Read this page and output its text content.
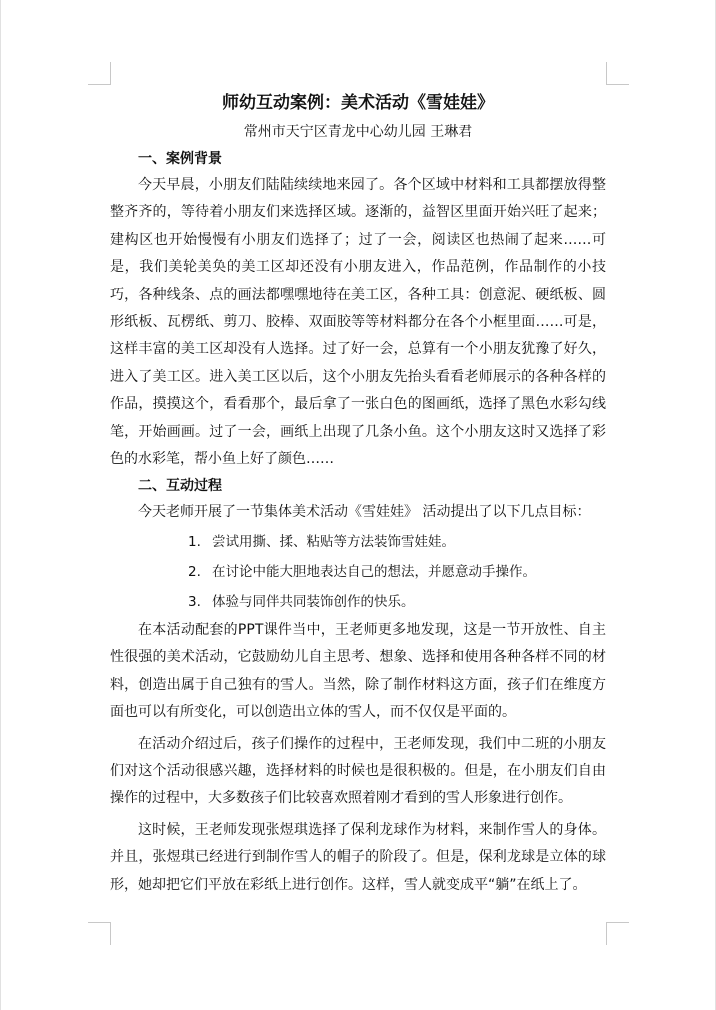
师幼互动案例：美术活动《雪娃娃》

常州市天宁区青龙中心幼儿园 王琳君

一、案例背景

今天早晨，小朋友们陆陆续续地来园了。各个区域中材料和工具都摆放得整整齐齐的，等待着小朋友们来选择区域。逐渐的，益智区里面开始兴旺了起来；建构区也开始慢慢有小朋友们选择了；过了一会，阅读区也热闹了起来……可是，我们美轮美奂的美工区却还没有小朋友进入，作品范例，作品制作的小技巧，各种线条、点的画法都嘿嘿地待在美工区，各种工具：创意泥、硬纸板、圆形纸板、瓦楞纸、剪刀、胶棒、双面胶等等材料都分在各个小框里面……可是，这样丰富的美工区却没有人选择。过了好一会，总算有一个小朋友犹豫了好久，进入了美工区。进入美工区以后，这个小朋友先抬头看看老师展示的各种各样的作品，摸摸这个，看看那个，最后拿了一张白色的图画纸，选择了黑色水彩勾线笔，开始画画。过了一会，画纸上出现了几条小鱼。这个小朋友这时又选择了彩色的水彩笔，帮小鱼上好了颜色……

二、互动过程

今天老师开展了一节集体美术活动《雪娃娃》 活动提出了以下几点目标：

1. 尝试用撕、揉、粘贴等方法装饰雪娃娃。
2. 在讨论中能大胆地表达自己的想法，并愿意动手操作。
3. 体验与同伴共同装饰创作的快乐。

在本活动配套的PPT课件当中，王老师更多地发现，这是一节开放性、自主性很强的美术活动，它鼓励幼儿自主思考、想象、选择和使用各种各样不同的材料，创造出属于自己独有的雪人。当然，除了制作材料这方面，孩子们在维度方面也可以有所变化，可以创造出立体的雪人，而不仅仅是平面的。

在活动介绍过后，孩子们操作的过程中，王老师发现，我们中二班的小朋友们对这个活动很感兴趣，选择材料的时候也是很积极的。但是，在小朋友们自由操作的过程中，大多数孩子们比较喜欢照着刚才看到的雪人形象进行创作。

这时候，王老师发现张煜琪选择了保利龙球作为材料，来制作雪人的身体。并且，张煜琪已经进行到制作雪人的帽子的阶段了。但是，保利龙球是立体的球形，她却把它们平放在彩纸上进行创作。这样，雪人就变成平“躺”在纸上了。
